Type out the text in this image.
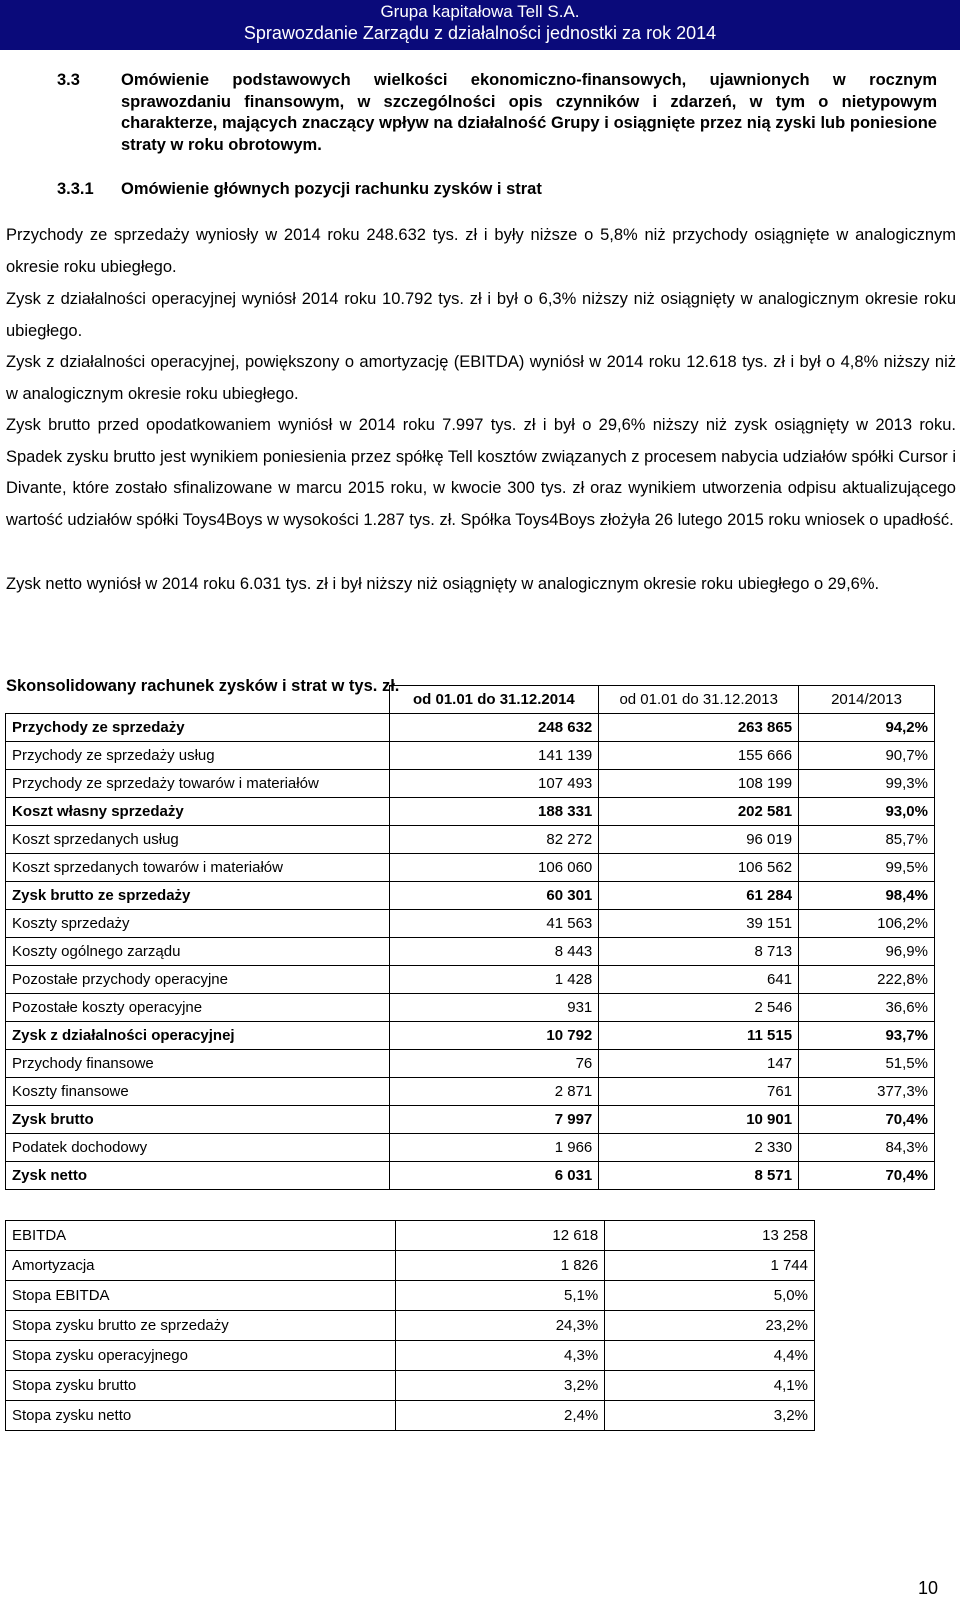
Grupa kapitałowa Tell S.A.
Sprawozdanie Zarządu z działalności jednostki za rok 2014
3.3 Omówienie podstawowych wielkości ekonomiczno-finansowych, ujawnionych w rocznym sprawozdaniu finansowym, w szczególności opis czynników i zdarzeń, w tym o nietypowym charakterze, mających znaczący wpływ na działalność Grupy i osiągnięte przez nią zyski lub poniesione straty w roku obrotowym.
3.3.1 Omówienie głównych pozycji rachunku zysków i strat
Przychody ze sprzedaży wyniosły w 2014 roku 248.632 tys. zł i były niższe o 5,8% niż przychody osiągnięte w analogicznym okresie roku ubiegłego.
Zysk z działalności operacyjnej wyniósł 2014 roku 10.792 tys. zł i był o 6,3% niższy niż osiągnięty w analogicznym okresie roku ubiegłego.
Zysk z działalności operacyjnej, powiększony o amortyzację (EBITDA) wyniósł w 2014 roku 12.618 tys. zł i był o 4,8% niższy niż w analogicznym okresie roku ubiegłego.
Zysk brutto przed opodatkowaniem wyniósł w 2014 roku 7.997 tys. zł i był o 29,6% niższy niż zysk osiągnięty w 2013 roku. Spadek zysku brutto jest wynikiem poniesienia przez spółkę Tell kosztów związanych z procesem nabycia udziałów spółki Cursor i Divante, które zostało sfinalizowane w marcu 2015 roku, w kwocie 300 tys. zł oraz wynikiem utworzenia odpisu aktualizującego wartość udziałów spółki Toys4Boys w wysokości 1.287 tys. zł. Spółka Toys4Boys złożyła 26 lutego 2015 roku wniosek o upadłość.
Zysk netto wyniósł w 2014 roku 6.031 tys. zł i był niższy niż osiągnięty w analogicznym okresie roku ubiegłego o 29,6%.
Skonsolidowany rachunek zysków i strat w tys. zł.
	od 01.01 do 31.12.2014	od 01.01 do 31.12.2013	2014/2013
Przychody ze sprzedaży	248 632	263 865	94,2%
Przychody ze sprzedaży usług	141 139	155 666	90,7%
Przychody ze sprzedaży towarów i materiałów	107 493	108 199	99,3%
Koszt własny sprzedaży	188 331	202 581	93,0%
Koszt sprzedanych usług	82 272	96 019	85,7%
Koszt sprzedanych towarów i materiałów	106 060	106 562	99,5%
Zysk brutto ze sprzedaży	60 301	61 284	98,4%
Koszty sprzedaży	41 563	39 151	106,2%
Koszty ogólnego zarządu	8 443	8 713	96,9%
Pozostałe przychody operacyjne	1 428	641	222,8%
Pozostałe koszty operacyjne	931	2 546	36,6%
Zysk z działalności operacyjnej	10 792	11 515	93,7%
Przychody finansowe	76	147	51,5%
Koszty finansowe	2 871	761	377,3%
Zysk brutto	7 997	10 901	70,4%
Podatek dochodowy	1 966	2 330	84,3%
Zysk netto	6 031	8 571	70,4%
EBITDA	12 618	13 258
Amortyzacja	1 826	1 744
Stopa EBITDA	5,1%	5,0%
Stopa zysku brutto ze sprzedaży	24,3%	23,2%
Stopa zysku operacyjnego	4,3%	4,4%
Stopa zysku brutto	3,2%	4,1%
Stopa zysku netto	2,4%	3,2%
10
